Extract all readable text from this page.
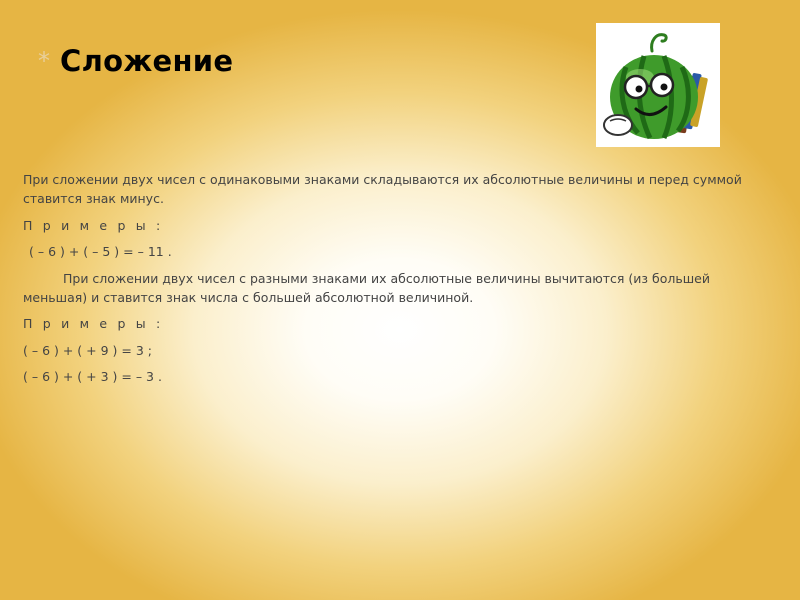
* Сложение

При сложении двух чисел с одинаковыми знаками складываются их абсолютные величины и перед суммой ставится знак минус.

П р и м е р ы :

( – 6 ) + ( – 5 ) = – 11 .

При сложении двух чисел с разными знаками их абсолютные величины вычитаются (из большей меньшая) и ставится знак числа с большей абсолютной величиной.

П р и м е р ы :

( – 6 ) + ( + 9 ) = 3 ;

( – 6 ) + ( + 3 ) = – 3 .
